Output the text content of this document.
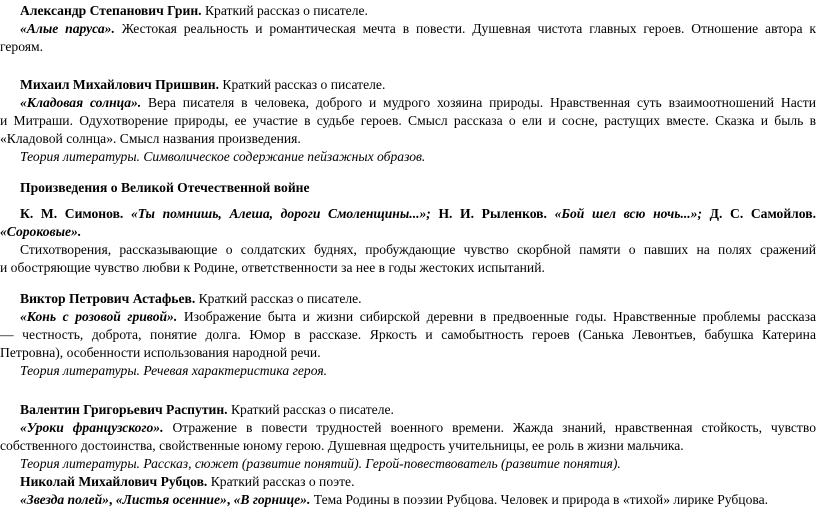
Александр Степанович Грин. Краткий рассказ о писателе.
«Алые паруса». Жестокая реальность и романтическая мечта в повести. Душевная чистота главных героев. Отношение автора к
героям.
Михаил Михайлович Пришвин. Краткий рассказ о писателе.
«Кладовая солнца». Вера писателя в человека, доброго и мудрого хозяина природы. Нравственная суть взаимоотношений Насти
и Митраши. Одухотворение природы, ее участие в судьбе героев. Смысл рассказа о ели и сосне, растущих вместе. Сказка и быль в
«Кладовой солнца». Смысл названия произведения.
Теория литературы. Символическое содержание пейзажных образов.
Произведения о Великой Отечественной войне
К. М. Симонов. «Ты помнишь, Алеша, дороги Смоленщины...»; Н. И. Рыленков. «Бой шел всю ночь...»; Д. С. Самойлов.
«Сороковые».
Стихотворения, рассказывающие о солдатских буднях, пробуждающие чувство скорбной памяти о павших на полях сражений
и обостряющие чувство любви к Родине, ответственности за нее в годы жестоких испытаний.
Виктор Петрович Астафьев. Краткий рассказ о писателе.
«Конь с розовой гривой». Изображение быта и жизни сибирской деревни в предвоенные годы. Нравственные проблемы рассказа
— честность, доброта, понятие долга. Юмор в рассказе. Яркость и самобытность героев (Санька Левонтьев, бабушка Катерина
Петровна), особенности использования народной речи.
Теория литературы. Речевая характеристика героя.
Валентин Григорьевич Распутин. Краткий рассказ о писателе.
«Уроки французского». Отражение в повести трудностей военного времени. Жажда знаний, нравственная стойкость, чувство
собственного достоинства, свойственные юному герою. Душевная щедрость учительницы, ее роль в жизни мальчика.
Теория литературы. Рассказ, сюжет (развитие понятий). Герой-повествователь (развитие понятия).
Николай Михайлович Рубцов. Краткий рассказ о поэте.
«Звезда полей», «Листья осенние», «В горнице». Тема Родины в поэзии Рубцова. Человек и природа в «тихой» лирике Рубцова.
